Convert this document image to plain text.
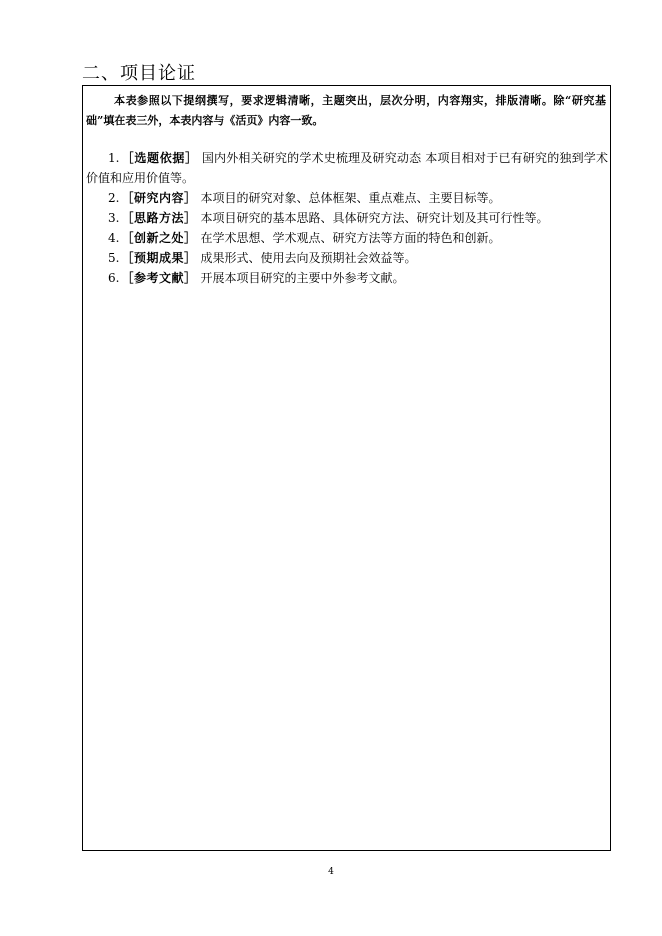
二、项目论证
本表参照以下提纲撰写，要求逻辑清晰，主题突出，层次分明，内容翔实，排版清晰。除“研究基础”填在表三外，本表内容与《活页》内容一致。
1. ［选题依据］ 国内外相关研究的学术史梳理及研究动态 本项目相对于已有研究的独到学术价值和应用价值等。
2. ［研究内容］ 本项目的研究对象、总体框架、重点难点、主要目标等。
3. ［思路方法］ 本项目研究的基本思路、具体研究方法、研究计划及其可行性等。
4. ［创新之处］ 在学术思想、学术观点、研究方法等方面的特色和创新。
5. ［预期成果］ 成果形式、使用去向及预期社会效益等。
6. ［参考文献］ 开展本项目研究的主要中外参考文献。
4
